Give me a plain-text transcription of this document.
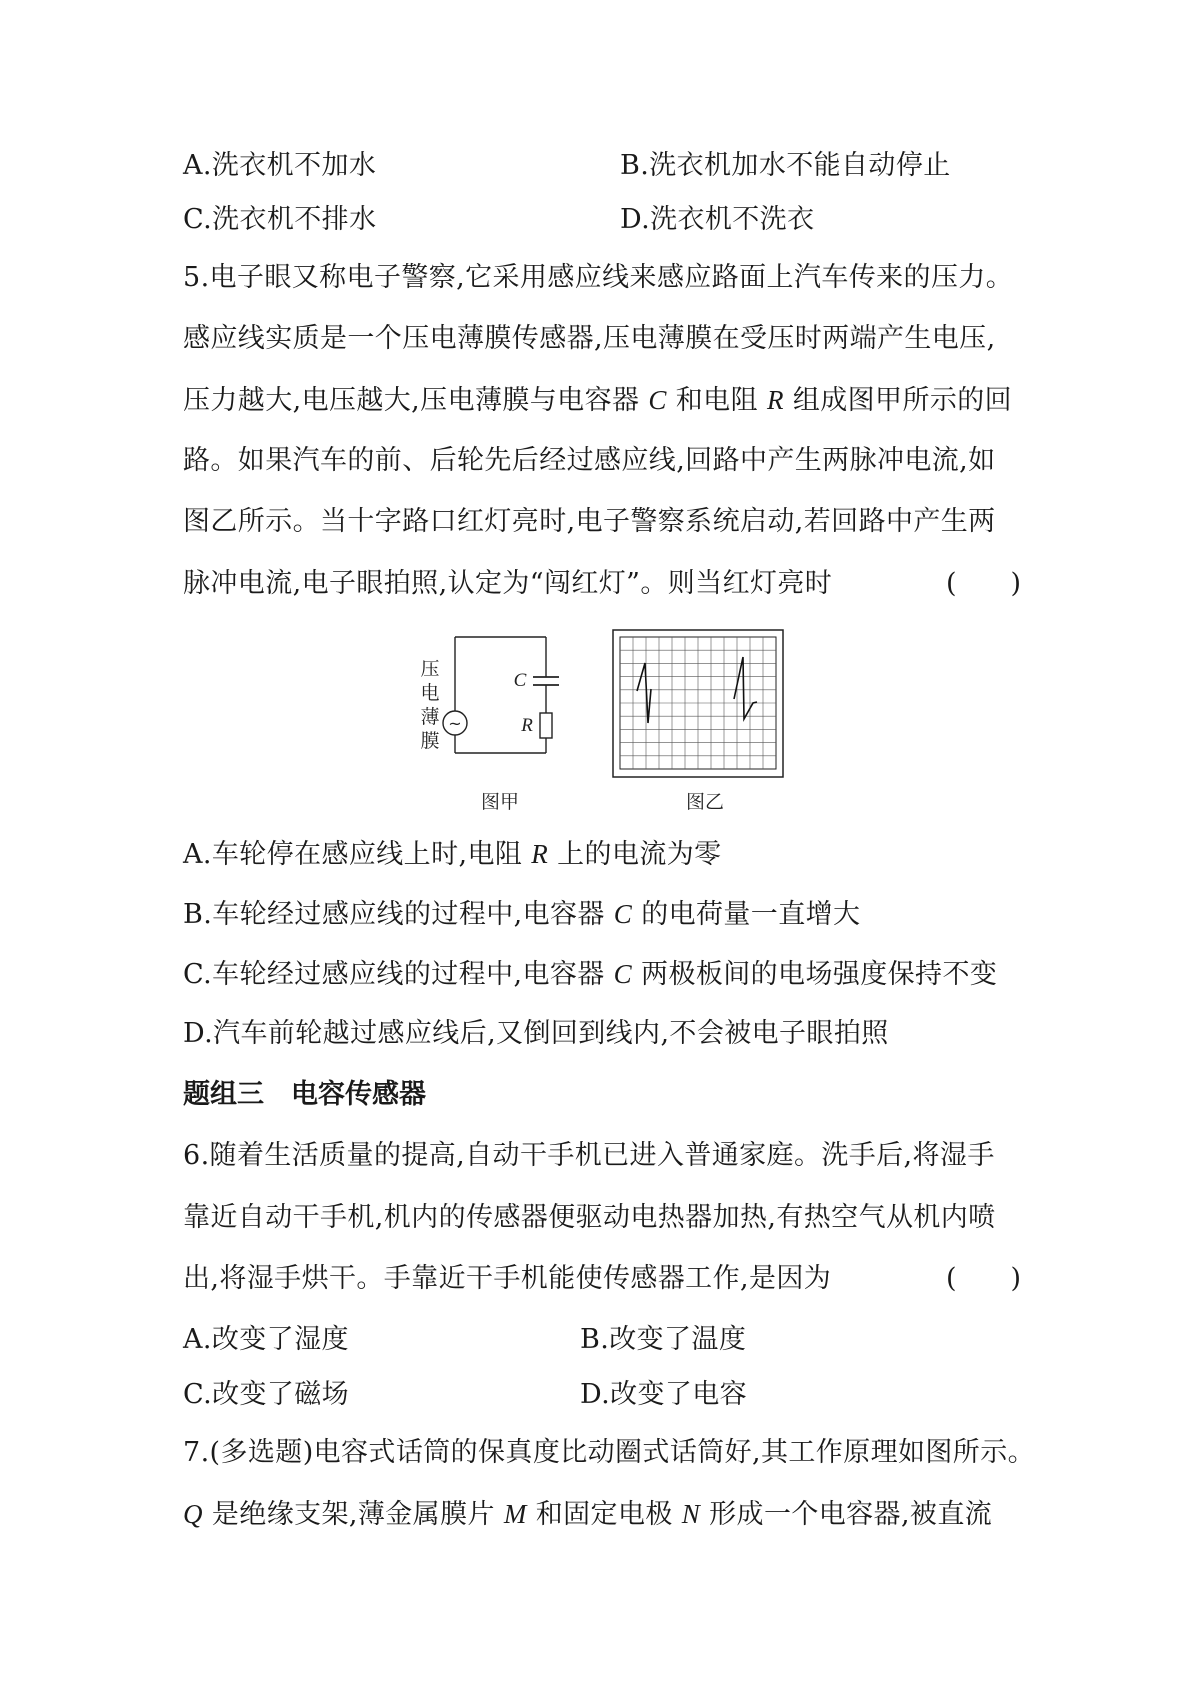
A.洗衣机不加水	B.洗衣机加水不能自动停止
C.洗衣机不排水	D.洗衣机不洗衣
5.电子眼又称电子警察,它采用感应线来感应路面上汽车传来的压力。
感应线实质是一个压电薄膜传感器,压电薄膜在受压时两端产生电压,
压力越大,电压越大,压电薄膜与电容器 C 和电阻 R 组成图甲所示的回
路。如果汽车的前、后轮先后经过感应线,回路中产生两脉冲电流,如
图乙所示。当十字路口红灯亮时,电子警察系统启动,若回路中产生两
脉冲电流,电子眼拍照,认定为“闯红灯”。则当红灯亮时	(　　)
~
C
R
压
电
薄
膜
图甲	图乙
A.车轮停在感应线上时,电阻 R 上的电流为零
B.车轮经过感应线的过程中,电容器 C 的电荷量一直增大
C.车轮经过感应线的过程中,电容器 C 两极板间的电场强度保持不变
D.汽车前轮越过感应线后,又倒回到线内,不会被电子眼拍照
题组三　电容传感器
6.随着生活质量的提高,自动干手机已进入普通家庭。洗手后,将湿手
靠近自动干手机,机内的传感器便驱动电热器加热,有热空气从机内喷
出,将湿手烘干。手靠近干手机能使传感器工作,是因为	(　　)
A.改变了湿度	B.改变了温度
C.改变了磁场	D.改变了电容
7.(多选题)电容式话筒的保真度比动圈式话筒好,其工作原理如图所示。
Q 是绝缘支架,薄金属膜片 M 和固定电极 N 形成一个电容器,被直流
